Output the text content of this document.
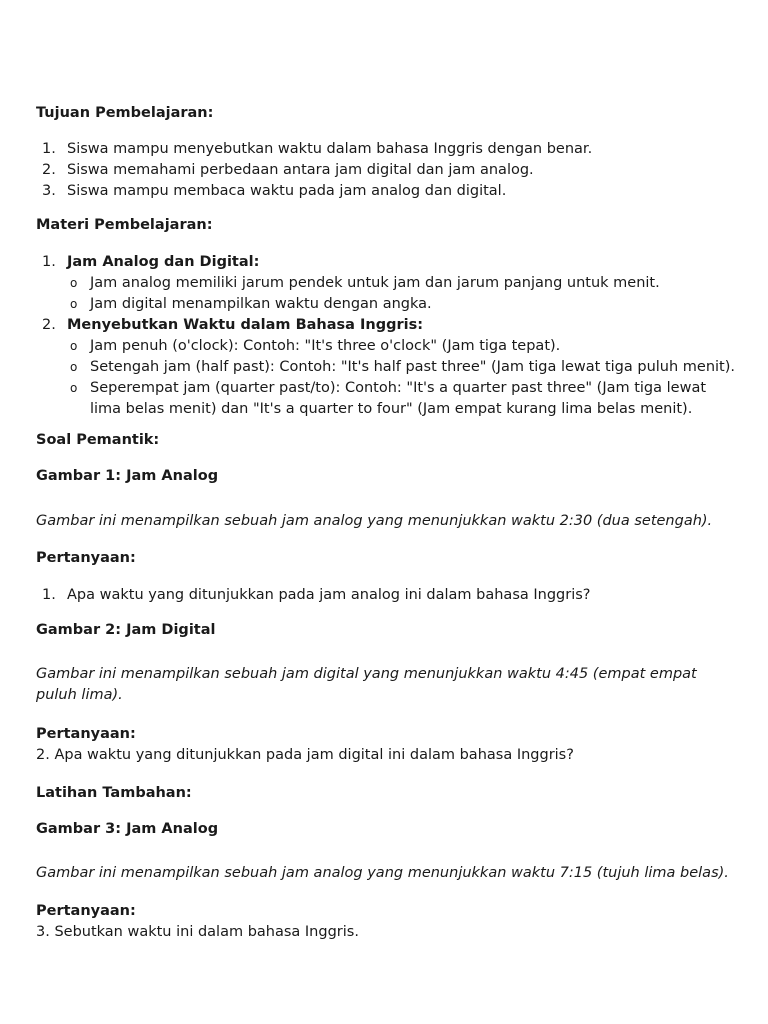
Tujuan Pembelajaran:
1. Siswa mampu menyebutkan waktu dalam bahasa Inggris dengan benar.
2. Siswa memahami perbedaan antara jam digital dan jam analog.
3. Siswa mampu membaca waktu pada jam analog dan digital.
Materi Pembelajaran:
1. Jam Analog dan Digital:
o Jam analog memiliki jarum pendek untuk jam dan jarum panjang untuk menit.
o Jam digital menampilkan waktu dengan angka.
2. Menyebutkan Waktu dalam Bahasa Inggris:
o Jam penuh (o'clock): Contoh: "It's three o'clock" (Jam tiga tepat).
o Setengah jam (half past): Contoh: "It's half past three" (Jam tiga lewat tiga puluh menit).
o Seperempat jam (quarter past/to): Contoh: "It's a quarter past three" (Jam tiga lewat lima belas menit) dan "It's a quarter to four" (Jam empat kurang lima belas menit).
Soal Pemantik:
Gambar 1: Jam Analog
Gambar ini menampilkan sebuah jam analog yang menunjukkan waktu 2:30 (dua setengah).
Pertanyaan:
1. Apa waktu yang ditunjukkan pada jam analog ini dalam bahasa Inggris?
Gambar 2: Jam Digital
Gambar ini menampilkan sebuah jam digital yang menunjukkan waktu 4:45 (empat empat puluh lima).
Pertanyaan:
2. Apa waktu yang ditunjukkan pada jam digital ini dalam bahasa Inggris?
Latihan Tambahan:
Gambar 3: Jam Analog
Gambar ini menampilkan sebuah jam analog yang menunjukkan waktu 7:15 (tujuh lima belas).
Pertanyaan:
3. Sebutkan waktu ini dalam bahasa Inggris.
